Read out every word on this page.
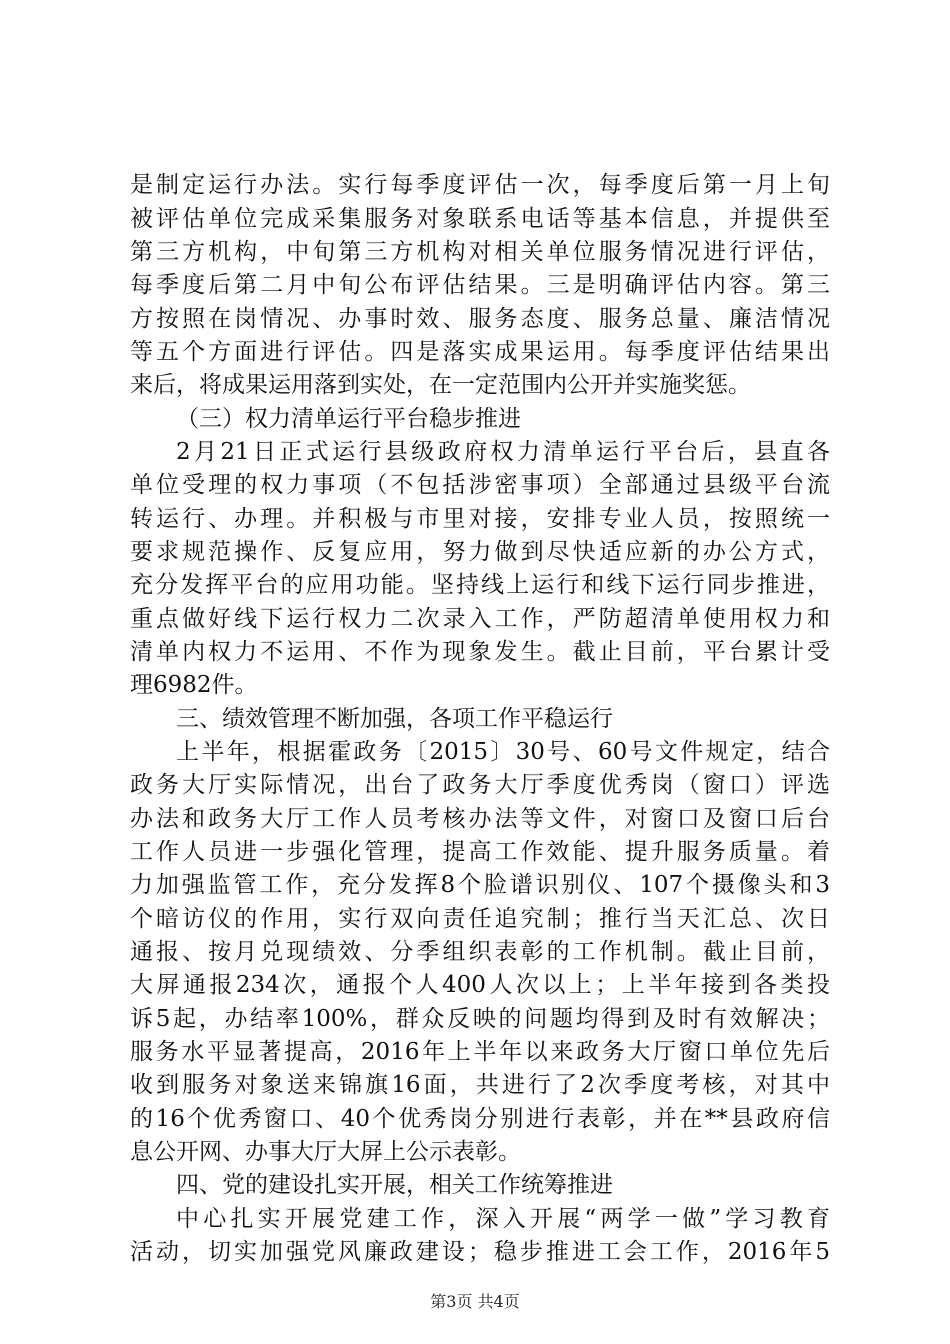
是制定运行办法。实行每季度评估一次，每季度后第一月上旬
被评估单位完成采集服务对象联系电话等基本信息，并提供至
第三方机构，中旬第三方机构对相关单位服务情况进行评估，
每季度后第二月中旬公布评估结果。三是明确评估内容。第三
方按照在岗情况、办事时效、服务态度、服务总量、廉洁情况
等五个方面进行评估。四是落实成果运用。每季度评估结果出
来后，将成果运用落到实处，在一定范围内公开并实施奖惩。
（三）权力清单运行平台稳步推进
2月21日正式运行县级政府权力清单运行平台后，县直各
单位受理的权力事项（不包括涉密事项）全部通过县级平台流
转运行、办理。并积极与市里对接，安排专业人员，按照统一
要求规范操作、反复应用，努力做到尽快适应新的办公方式，
充分发挥平台的应用功能。坚持线上运行和线下运行同步推进，
重点做好线下运行权力二次录入工作，严防超清单使用权力和
清单内权力不运用、不作为现象发生。截止目前，平台累计受
理6982件。
三、绩效管理不断加强，各项工作平稳运行
上半年，根据霍政务〔2015〕30号、60号文件规定，结合
政务大厅实际情况，出台了政务大厅季度优秀岗（窗口）评选
办法和政务大厅工作人员考核办法等文件，对窗口及窗口后台
工作人员进一步强化管理，提高工作效能、提升服务质量。着
力加强监管工作，充分发挥8个脸谱识别仪、107个摄像头和3
个暗访仪的作用，实行双向责任追究制；推行当天汇总、次日
通报、按月兑现绩效、分季组织表彰的工作机制。截止目前，
大屏通报234次，通报个人400人次以上；上半年接到各类投
诉5起，办结率100%，群众反映的问题均得到及时有效解决；
服务水平显著提高，2016年上半年以来政务大厅窗口单位先后
收到服务对象送来锦旗16面，共进行了2次季度考核，对其中
的16个优秀窗口、40个优秀岗分别进行表彰，并在**县政府信
息公开网、办事大厅大屏上公示表彰。
四、党的建设扎实开展，相关工作统筹推进
中心扎实开展党建工作，深入开展“两学一做”学习教育
活动，切实加强党风廉政建设；稳步推进工会工作，2016年5
第3页 共4页
